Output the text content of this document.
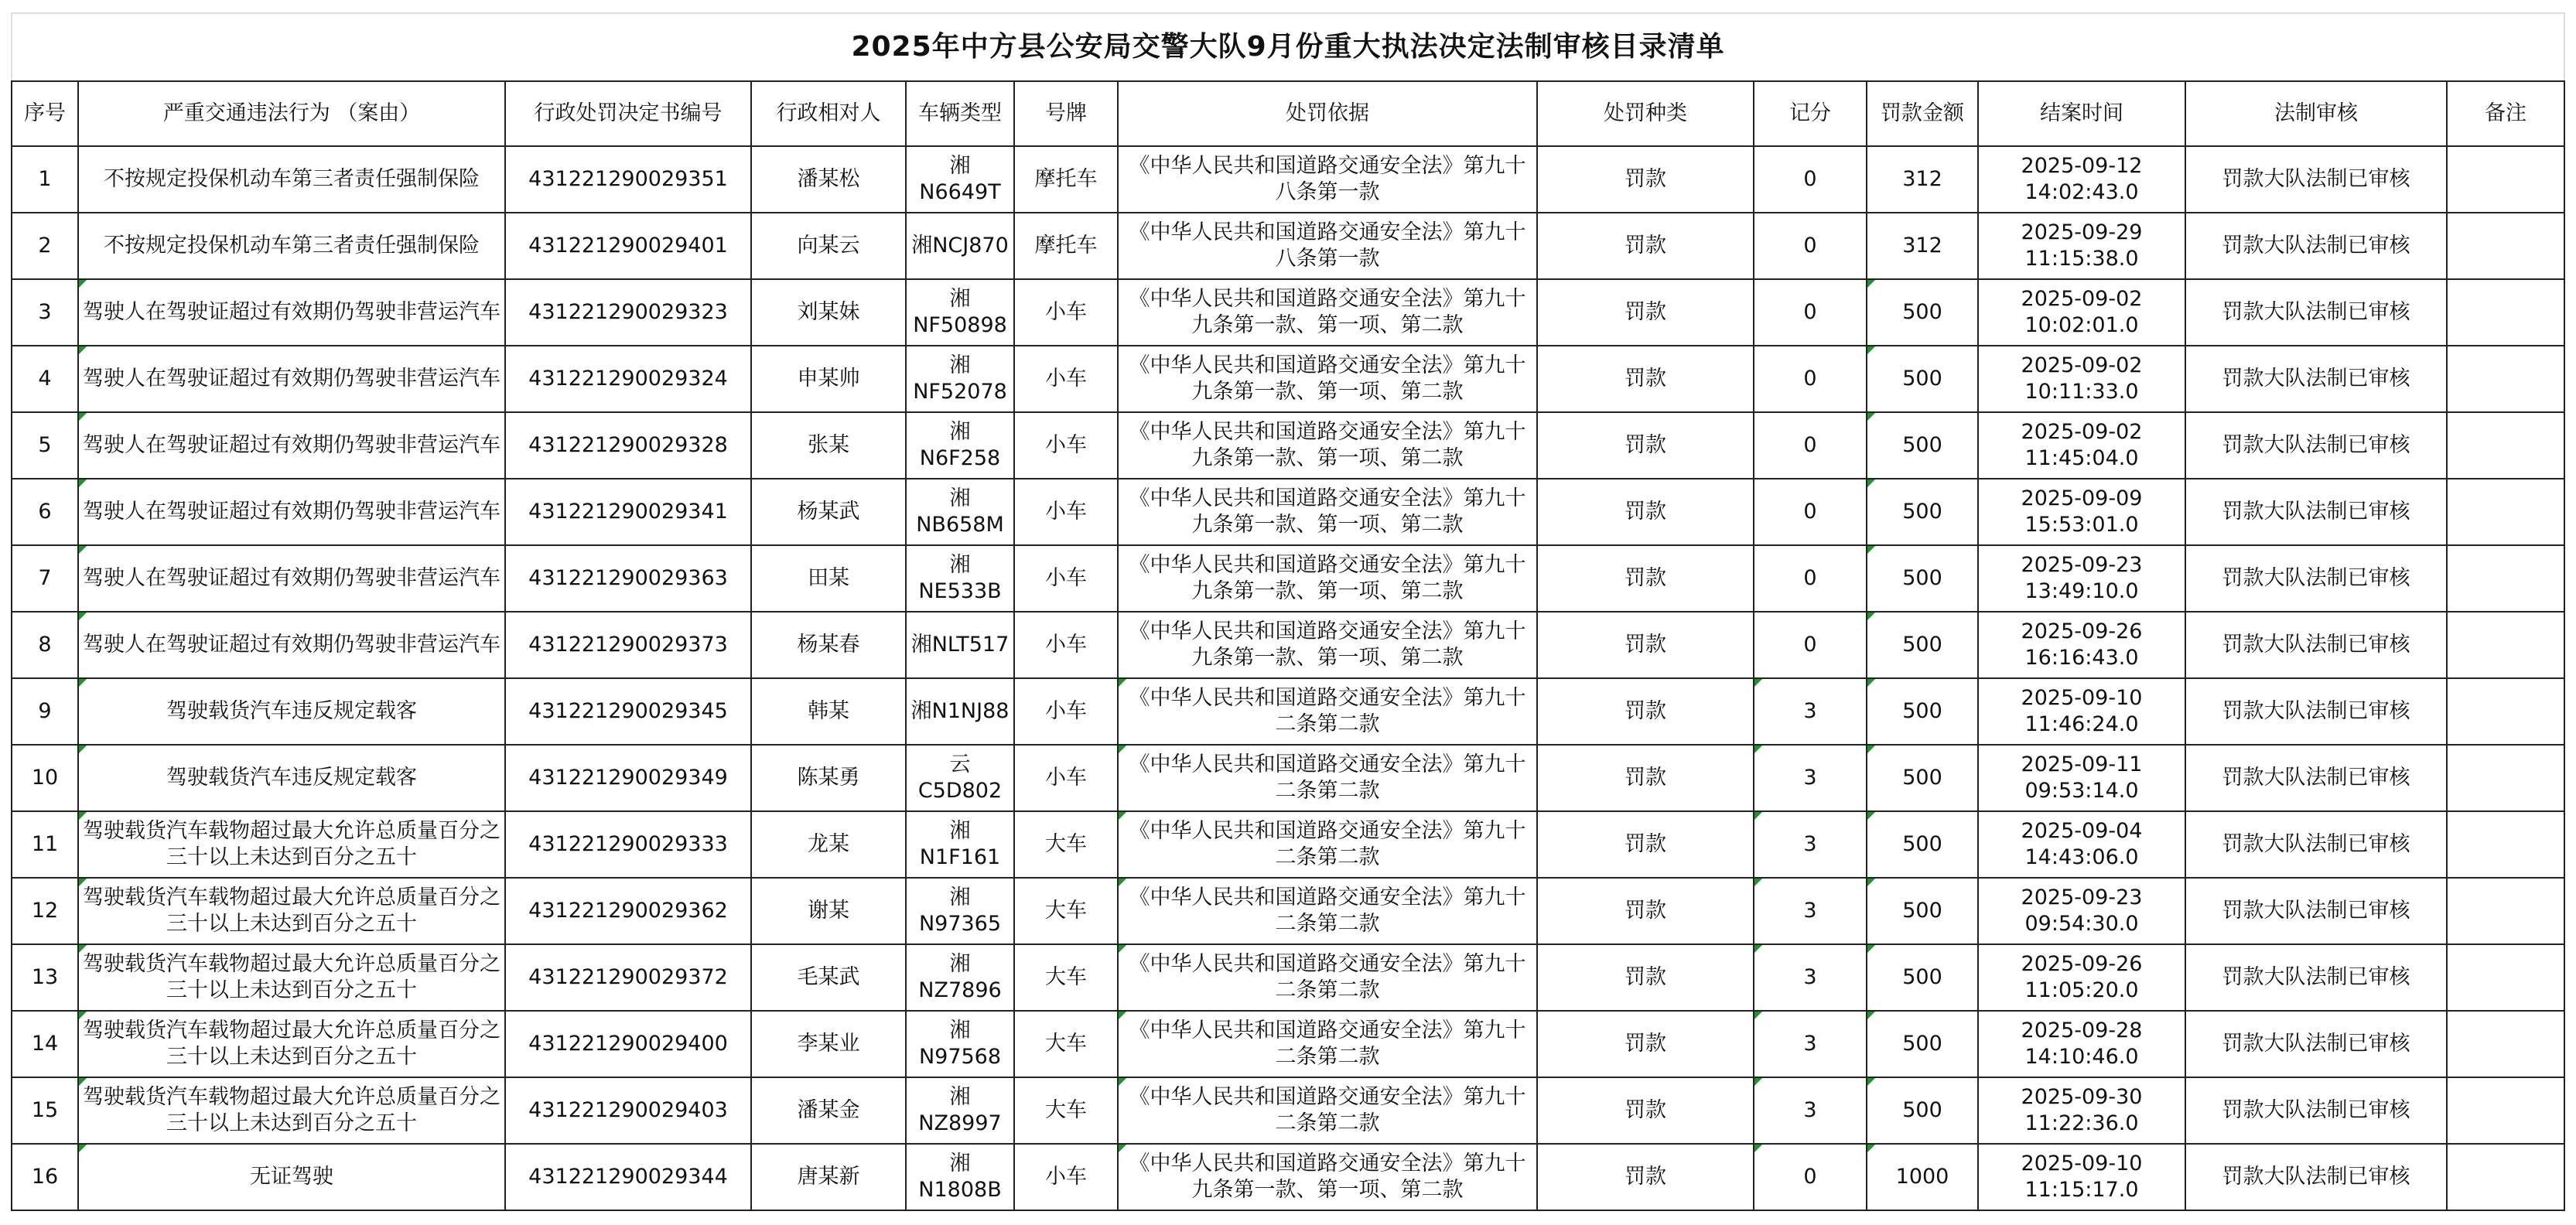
2025年中方县公安局交警大队9月份重大执法决定法制审核目录清单												
序号	严重交通违法行为 （案由）	行政处罚决定书编号	行政相对人	车辆类型	号牌	处罚依据	处罚种类	记分	罚款金额	结案时间	法制审核	备注
1	不按规定投保机动车第三者责任强制保险	431221290029351	潘某松	湘N6649T	摩托车	《中华人民共和国道路交通安全法》第九十八条第一款	罚款	0	312	2025-09-12 14:02:43.0	罚款大队法制已审核	
2	不按规定投保机动车第三者责任强制保险	431221290029401	向某云	湘NCJ870	摩托车	《中华人民共和国道路交通安全法》第九十八条第一款	罚款	0	312	2025-09-29 11:15:38.0	罚款大队法制已审核	
3	驾驶人在驾驶证超过有效期仍驾驶非营运汽车	431221290029323	刘某妹	湘NF50898	小车	《中华人民共和国道路交通安全法》第九十九条第一款、第一项、第二款	罚款	0	500	2025-09-02 10:02:01.0	罚款大队法制已审核	
4	驾驶人在驾驶证超过有效期仍驾驶非营运汽车	431221290029324	申某帅	湘NF52078	小车	《中华人民共和国道路交通安全法》第九十九条第一款、第一项、第二款	罚款	0	500	2025-09-02 10:11:33.0	罚款大队法制已审核	
5	驾驶人在驾驶证超过有效期仍驾驶非营运汽车	431221290029328	张某	湘N6F258	小车	《中华人民共和国道路交通安全法》第九十九条第一款、第一项、第二款	罚款	0	500	2025-09-02 11:45:04.0	罚款大队法制已审核	
6	驾驶人在驾驶证超过有效期仍驾驶非营运汽车	431221290029341	杨某武	湘NB658M	小车	《中华人民共和国道路交通安全法》第九十九条第一款、第一项、第二款	罚款	0	500	2025-09-09 15:53:01.0	罚款大队法制已审核	
7	驾驶人在驾驶证超过有效期仍驾驶非营运汽车	431221290029363	田某	湘NE533B	小车	《中华人民共和国道路交通安全法》第九十九条第一款、第一项、第二款	罚款	0	500	2025-09-23 13:49:10.0	罚款大队法制已审核	
8	驾驶人在驾驶证超过有效期仍驾驶非营运汽车	431221290029373	杨某春	湘NLT517	小车	《中华人民共和国道路交通安全法》第九十九条第一款、第一项、第二款	罚款	0	500	2025-09-26 16:16:43.0	罚款大队法制已审核	
9	驾驶载货汽车违反规定载客	431221290029345	韩某	湘N1NJ88	小车	《中华人民共和国道路交通安全法》第九十二条第二款	罚款	3	500	2025-09-10 11:46:24.0	罚款大队法制已审核	
10	驾驶载货汽车违反规定载客	431221290029349	陈某勇	云C5D802	小车	《中华人民共和国道路交通安全法》第九十二条第二款	罚款	3	500	2025-09-11 09:53:14.0	罚款大队法制已审核	
11	驾驶载货汽车载物超过最大允许总质量百分之三十以上未达到百分之五十	431221290029333	龙某	湘N1F161	大车	《中华人民共和国道路交通安全法》第九十二条第二款	罚款	3	500	2025-09-04 14:43:06.0	罚款大队法制已审核	
12	驾驶载货汽车载物超过最大允许总质量百分之三十以上未达到百分之五十	431221290029362	谢某	湘N97365	大车	《中华人民共和国道路交通安全法》第九十二条第二款	罚款	3	500	2025-09-23 09:54:30.0	罚款大队法制已审核	
13	驾驶载货汽车载物超过最大允许总质量百分之三十以上未达到百分之五十	431221290029372	毛某武	湘NZ7896	大车	《中华人民共和国道路交通安全法》第九十二条第二款	罚款	3	500	2025-09-26 11:05:20.0	罚款大队法制已审核	
14	驾驶载货汽车载物超过最大允许总质量百分之三十以上未达到百分之五十	431221290029400	李某业	湘N97568	大车	《中华人民共和国道路交通安全法》第九十二条第二款	罚款	3	500	2025-09-28 14:10:46.0	罚款大队法制已审核	
15	驾驶载货汽车载物超过最大允许总质量百分之三十以上未达到百分之五十	431221290029403	潘某金	湘NZ8997	大车	《中华人民共和国道路交通安全法》第九十二条第二款	罚款	3	500	2025-09-30 11:22:36.0	罚款大队法制已审核	
16	无证驾驶	431221290029344	唐某新	湘N1808B	小车	《中华人民共和国道路交通安全法》第九十九条第一款、第一项、第二款	罚款	0	1000	2025-09-10 11:15:17.0	罚款大队法制已审核	
